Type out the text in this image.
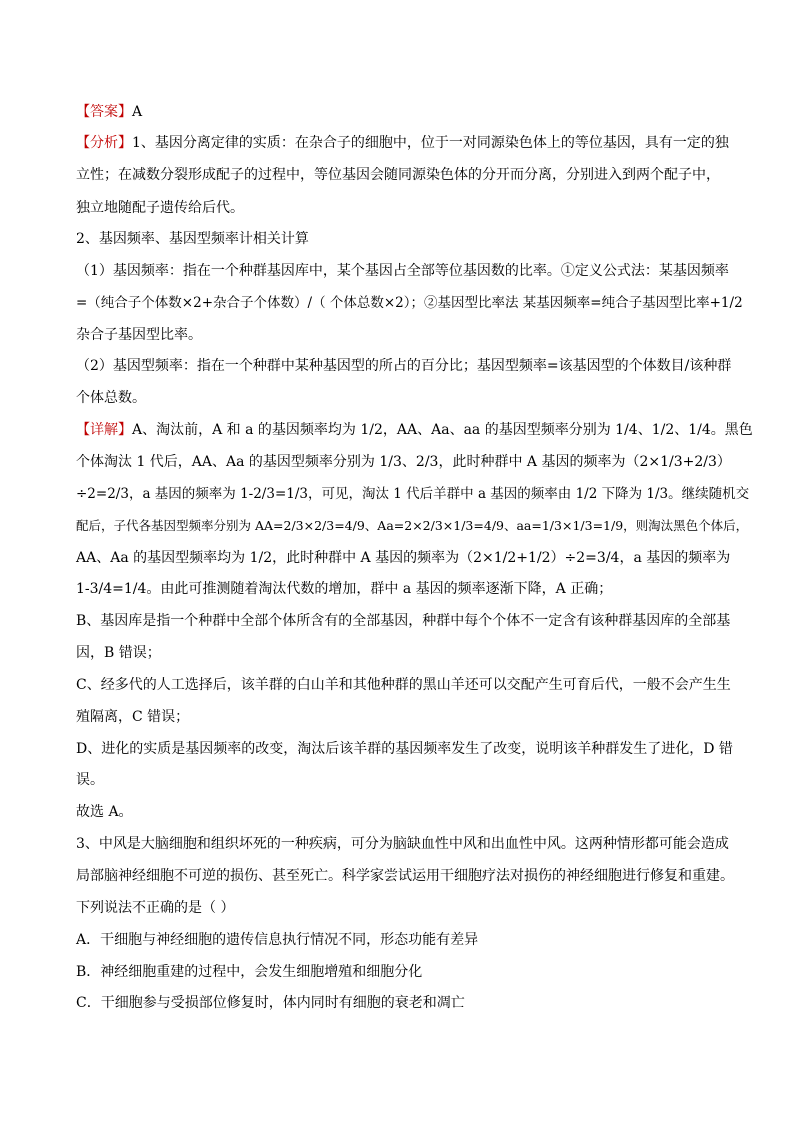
【答案】A
【分析】1、基因分离定律的实质：在杂合子的细胞中，位于一对同源染色体上的等位基因，具有一定的独
立性；在减数分裂形成配子的过程中，等位基因会随同源染色体的分开而分离，分别进入到两个配子中，
独立地随配子遗传给后代。
2、基因频率、基因型频率计相关计算
（1）基因频率：指在一个种群基因库中，某个基因占全部等位基因数的比率。①定义公式法：某基因频率
=（纯合子个体数×2+杂合子个体数）/（ 个体总数×2）；②基因型比率法 某基因频率=纯合子基因型比率+1/2
杂合子基因型比率。
（2）基因型频率：指在一个种群中某种基因型的所占的百分比；基因型频率=该基因型的个体数目/该种群
个体总数。
【详解】A、淘汰前，A 和 a 的基因频率均为 1/2，AA、Aa、aa 的基因型频率分别为 1/4、1/2、1/4。黑色
个体淘汰 1 代后，AA、Aa 的基因型频率分别为 1/3、2/3，此时种群中 A 基因的频率为（2×1/3+2/3）
÷2=2/3，a 基因的频率为 1-2/3=1/3，可见，淘汰 1 代后羊群中 a 基因的频率由 1/2 下降为 1/3。继续随机交
配后，子代各基因型频率分别为 AA=2/3×2/3=4/9、Aa=2×2/3×1/3=4/9、aa=1/3×1/3=1/9，则淘汰黑色个体后，
AA、Aa 的基因型频率均为 1/2，此时种群中 A 基因的频率为（2×1/2+1/2）÷2=3/4，a 基因的频率为
1-3/4=1/4。由此可推测随着淘汰代数的增加，群中 a 基因的频率逐渐下降，A 正确；
B、基因库是指一个种群中全部个体所含有的全部基因，种群中每个个体不一定含有该种群基因库的全部基
因，B 错误；
C、经多代的人工选择后，该羊群的白山羊和其他种群的黑山羊还可以交配产生可育后代，一般不会产生生
殖隔离，C 错误；
D、进化的实质是基因频率的改变，淘汰后该羊群的基因频率发生了改变，说明该羊种群发生了进化，D 错
误。
故选 A。
3、中风是大脑细胞和组织坏死的一种疾病，可分为脑缺血性中风和出血性中风。这两种情形都可能会造成
局部脑神经细胞不可逆的损伤、甚至死亡。科学家尝试运用干细胞疗法对损伤的神经细胞进行修复和重建。
下列说法不正确的是（ ）
A．干细胞与神经细胞的遗传信息执行情况不同，形态功能有差异
B．神经细胞重建的过程中，会发生细胞增殖和细胞分化
C．干细胞参与受损部位修复时，体内同时有细胞的衰老和凋亡
